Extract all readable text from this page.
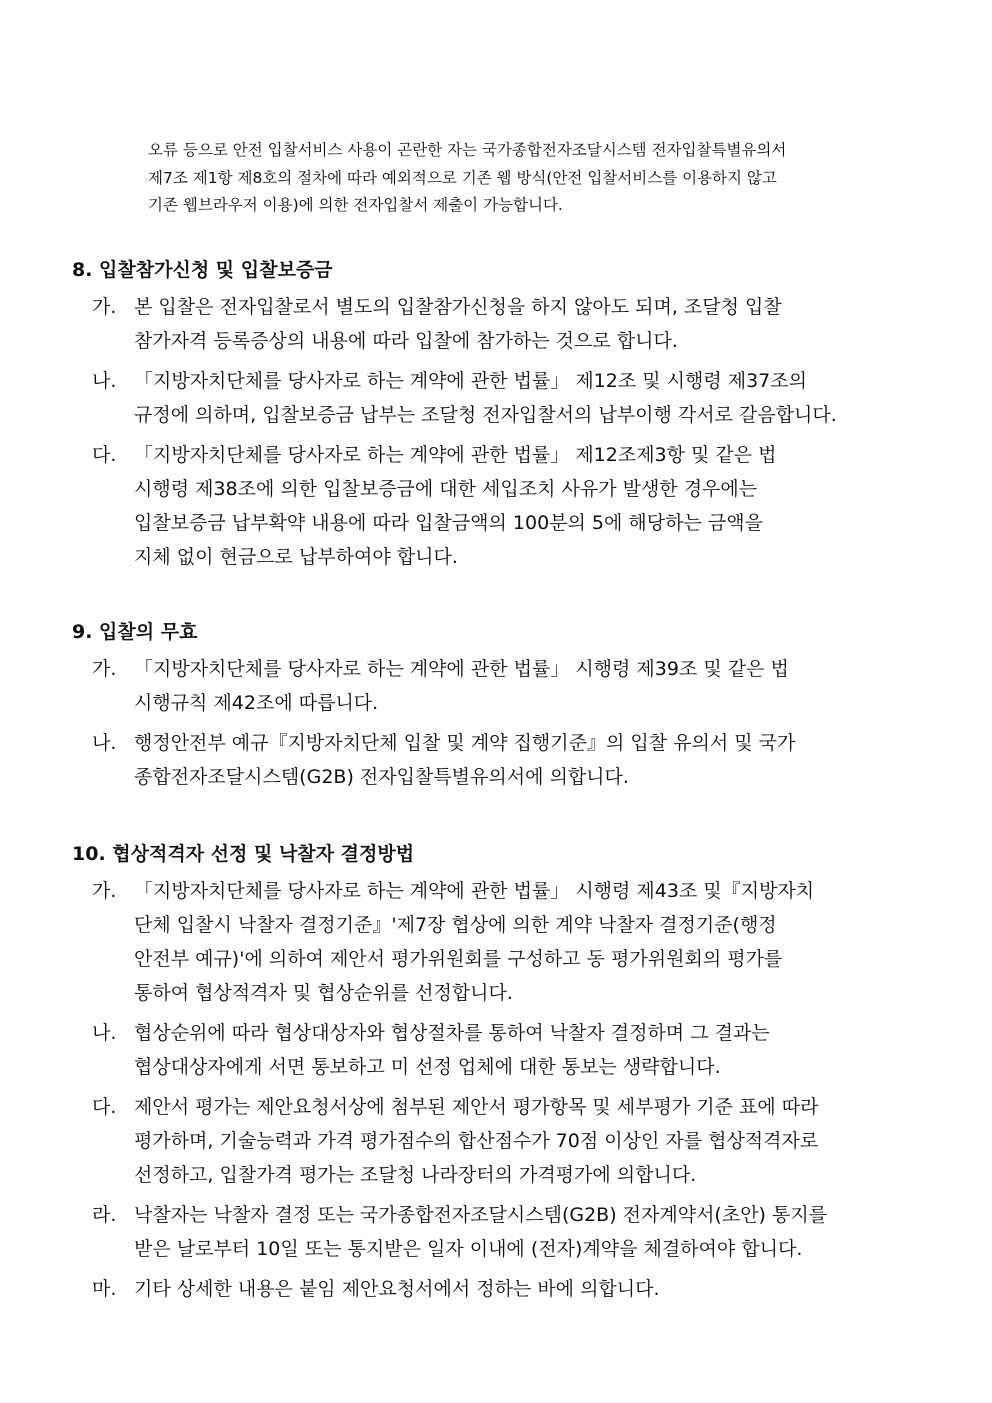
오류 등으로 안전 입찰서비스 사용이 곤란한 자는 국가종합전자조달시스템 전자입찰특별유의서
제7조 제1항 제8호의 절차에 따라 예외적으로 기존 웹 방식(안전 입찰서비스를 이용하지 않고
기존 웹브라우저 이용)에 의한 전자입찰서 제출이 가능합니다.

8. 입찰참가신청 및 입찰보증금
가. 본 입찰은 전자입찰로서 별도의 입찰참가신청을 하지 않아도 되며, 조달청 입찰
참가자격 등록증상의 내용에 따라 입찰에 참가하는 것으로 합니다.
나. 「지방자치단체를 당사자로 하는 계약에 관한 법률」 제12조 및 시행령 제37조의
규정에 의하며, 입찰보증금 납부는 조달청 전자입찰서의 납부이행 각서로 갈음합니다.
다. 「지방자치단체를 당사자로 하는 계약에 관한 법률」 제12조제3항 및 같은 법
시행령 제38조에 의한 입찰보증금에 대한 세입조치 사유가 발생한 경우에는
입찰보증금 납부확약 내용에 따라 입찰금액의 100분의 5에 해당하는 금액을
지체 없이 현금으로 납부하여야 합니다.
9. 입찰의 무효
가. 「지방자치단체를 당사자로 하는 계약에 관한 법률」 시행령 제39조 및 같은 법
시행규칙 제42조에 따릅니다.
나. 행정안전부 예규『지방자치단체 입찰 및 계약 집행기준』의 입찰 유의서 및 국가
종합전자조달시스템(G2B) 전자입찰특별유의서에 의합니다.
10. 협상적격자 선정 및 낙찰자 결정방법
가. 「지방자치단체를 당사자로 하는 계약에 관한 법률」 시행령 제43조 및『지방자치
단체 입찰시 낙찰자 결정기준』'제7장 협상에 의한 계약 낙찰자 결정기준(행정
안전부 예규)'에 의하여 제안서 평가위원회를 구성하고 동 평가위원회의 평가를
통하여 협상적격자 및 협상순위를 선정합니다.
나. 협상순위에 따라 협상대상자와 협상절차를 통하여 낙찰자 결정하며 그 결과는
협상대상자에게 서면 통보하고 미 선정 업체에 대한 통보는 생략합니다.
다. 제안서 평가는 제안요청서상에 첨부된 제안서 평가항목 및 세부평가 기준 표에 따라
평가하며, 기술능력과 가격 평가점수의 합산점수가 70점 이상인 자를 협상적격자로
선정하고, 입찰가격 평가는 조달청 나라장터의 가격평가에 의합니다.
라. 낙찰자는 낙찰자 결정 또는 국가종합전자조달시스템(G2B) 전자계약서(초안) 통지를
받은 날로부터 10일 또는 통지받은 일자 이내에 (전자)계약을 체결하여야 합니다.
마. 기타 상세한 내용은 붙임 제안요청서에서 정하는 바에 의합니다.
